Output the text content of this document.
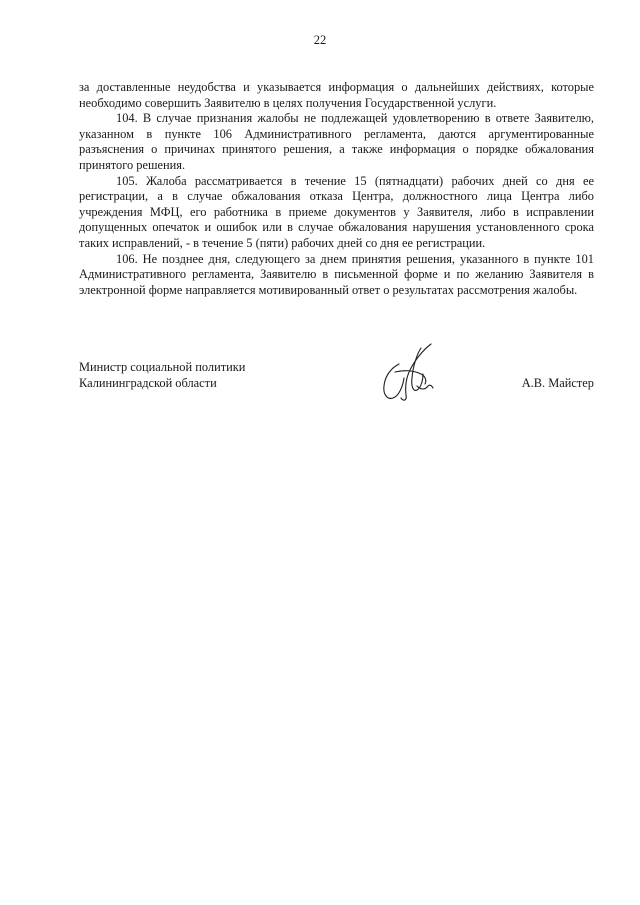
22

за доставленные неудобства и указывается информация о дальнейших действиях, которые необходимо совершить Заявителю в целях получения Государственной услуги.

104. В случае признания жалобы не подлежащей удовлетворению в ответе Заявителю, указанном в пункте 106 Административного регламента, даются аргументированные разъяснения о причинах принятого решения, а также информация о порядке обжалования принятого решения.

105. Жалоба рассматривается в течение 15 (пятнадцати) рабочих дней со дня ее регистрации, а в случае обжалования отказа Центра, должностного лица Центра либо учреждения МФЦ, его работника в приеме документов у Заявителя, либо в исправлении допущенных опечаток и ошибок или в случае обжалования нарушения установленного срока таких исправлений, - в течение 5 (пяти) рабочих дней со дня ее регистрации.

106. Не позднее дня, следующего за днем принятия решения, указанного в пункте 101 Административного регламента, Заявителю в письменной форме и по желанию Заявителя в электронной форме направляется мотивированный ответ о результатах рассмотрения жалобы.

Министр социальной политики
Калининградской области	А.В. Майстер
